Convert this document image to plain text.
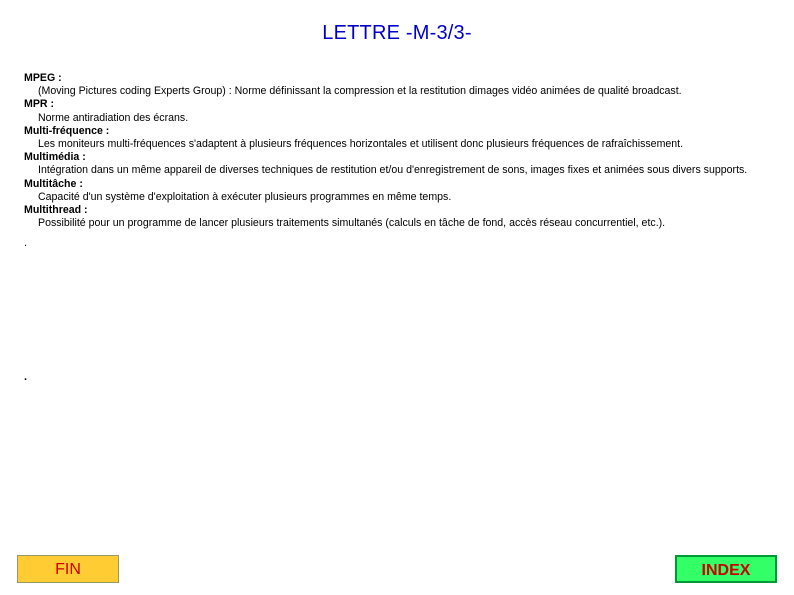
LETTRE -M-3/3-
MPEG :
(Moving Pictures coding Experts Group) : Norme définissant la compression et la restitution dimages vidéo animées de qualité broadcast.
MPR :
Norme antiradiation des écrans.
Multi-fréquence :
Les moniteurs multi-fréquences s'adaptent à plusieurs fréquences horizontales et utilisent donc plusieurs fréquences de rafraîchissement.
Multimédia :
Intégration dans un même appareil de diverses techniques de restitution et/ou d'enregistrement de sons, images fixes et animées sous divers supports.
Multitâche :
Capacité d'un système d'exploitation à exécuter plusieurs programmes en même temps.
Multithread :
Possibilité pour un programme de lancer plusieurs traitements simultanés (calculs en tâche de fond, accès réseau concurrentiel, etc.).
.
.
FIN	INDEX
